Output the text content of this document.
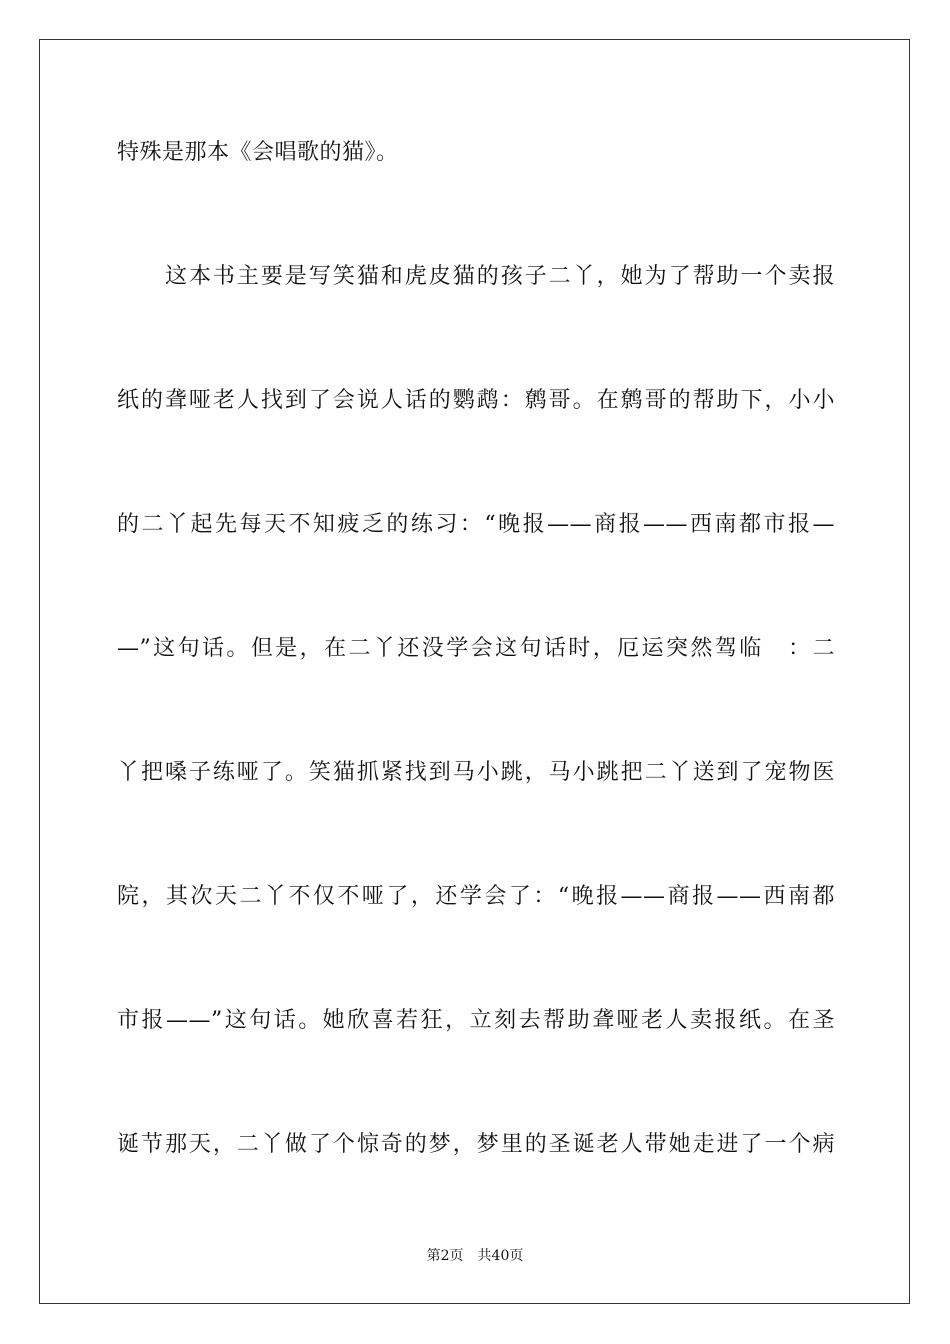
特殊是那本《会唱歌的猫》。
　　这本书主要是写笑猫和虎皮猫的孩子二丫，她为了帮助一个卖报
纸的聋哑老人找到了会说人话的鹦鹉：鹩哥。在鹩哥的帮助下，小小
的二丫起先每天不知疲乏的练习：“晚报——商报——西南都市报—
—”这句话。但是，在二丫还没学会这句话时，厄运突然驾临　：二
丫把嗓子练哑了。笑猫抓紧找到马小跳，马小跳把二丫送到了宠物医
院，其次天二丫不仅不哑了，还学会了：“晚报——商报——西南都
市报——”这句话。她欣喜若狂，立刻去帮助聋哑老人卖报纸。在圣
诞节那天，二丫做了个惊奇的梦，梦里的圣诞老人带她走进了一个病
第2页 共40页
